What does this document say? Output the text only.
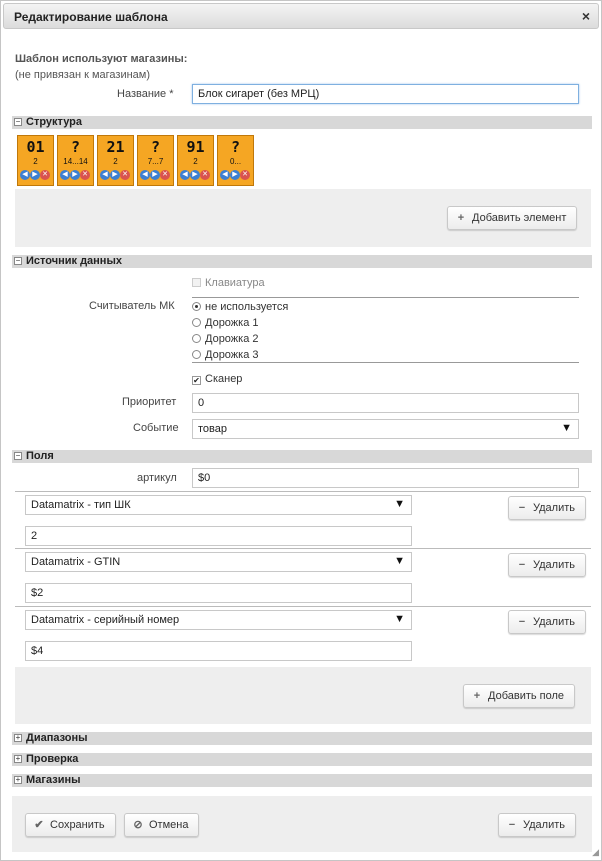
Редактирование шаблона	×
Шаблон используют магазины:
(не привязан к магазинам)
Название *	Блок сигарет (без МРЦ)
− Структура
01
2
◀ ▶ ✕
?
14...14
◀ ▶ ✕
21
2
◀ ▶ ✕
?
7...7
◀ ▶ ✕
91
2
◀ ▶ ✕
?
0...
◀ ▶ ✕
+ Добавить элемент
− Источник данных
Клавиатура
Считыватель МК	не используется
Дорожка 1
Дорожка 2
Дорожка 3
✔ Сканер
Приоритет	0
Событие	товар	▼
− Поля
артикул	$0
Datamatrix - тип ШК	▼	− Удалить
2
Datamatrix - GTIN	▼	− Удалить
$2
Datamatrix - серийный номер	▼	− Удалить
$4
+ Добавить поле
+ Диапазоны
+ Проверка
+ Магазины
✔ Сохранить	⊘ Отмена	− Удалить
◢
